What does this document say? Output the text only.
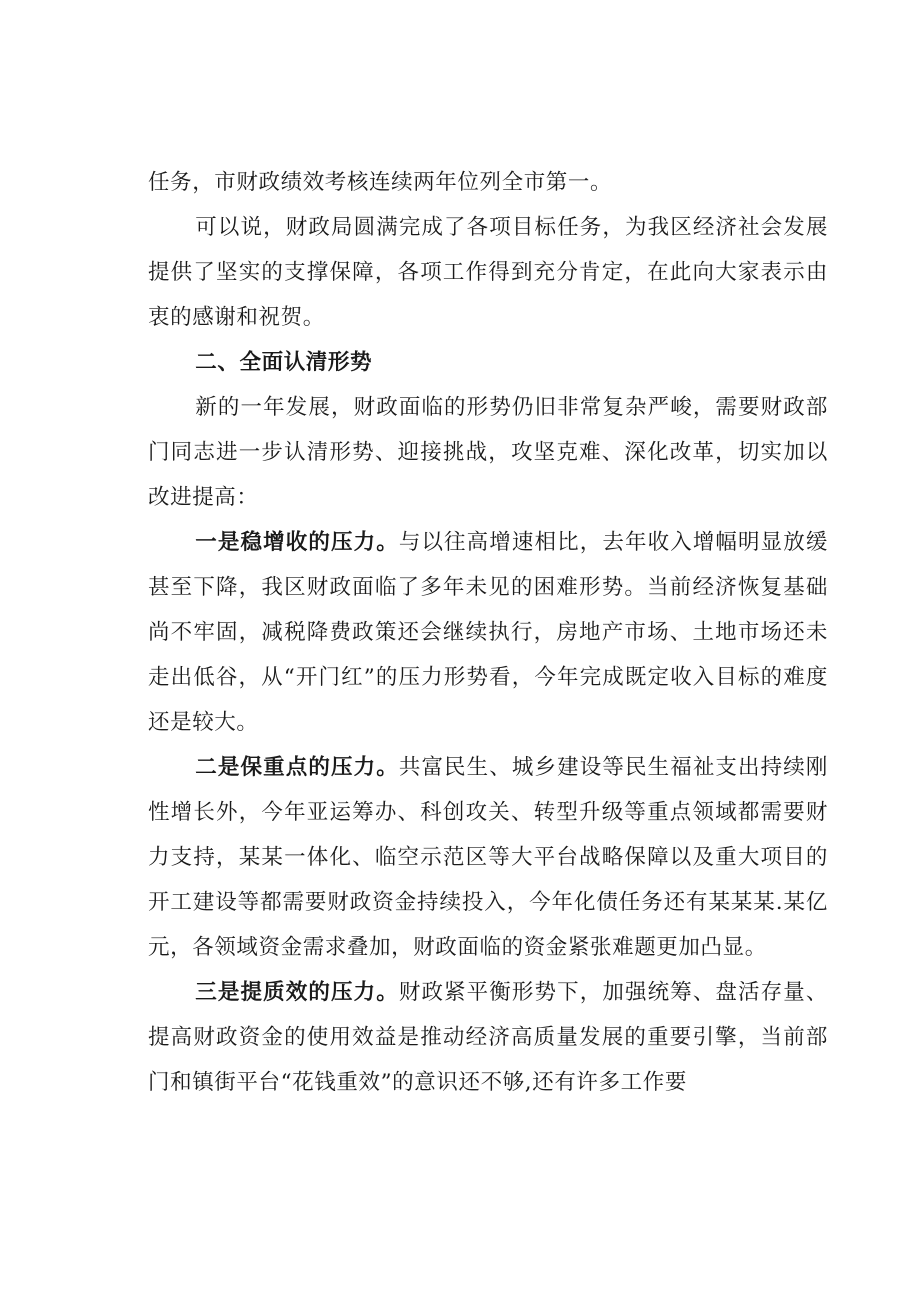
任务，市财政绩效考核连续两年位列全市第一。

可以说，财政局圆满完成了各项目标任务，为我区经济社会发展提供了坚实的支撑保障，各项工作得到充分肯定，在此向大家表示由衷的感谢和祝贺。

二、全面认清形势

新的一年发展，财政面临的形势仍旧非常复杂严峻，需要财政部门同志进一步认清形势、迎接挑战，攻坚克难、深化改革，切实加以改进提高：

一是稳增收的压力。与以往高增速相比，去年收入增幅明显放缓甚至下降，我区财政面临了多年未见的困难形势。当前经济恢复基础尚不牢固，减税降费政策还会继续执行，房地产市场、土地市场还未走出低谷，从“开门红”的压力形势看，今年完成既定收入目标的难度还是较大。

二是保重点的压力。共富民生、城乡建设等民生福祉支出持续刚性增长外，今年亚运筹办、科创攻关、转型升级等重点领域都需要财力支持，某某一体化、临空示范区等大平台战略保障以及重大项目的开工建设等都需要财政资金持续投入，今年化债任务还有某某某.某亿元，各领域资金需求叠加，财政面临的资金紧张难题更加凸显。

三是提质效的压力。财政紧平衡形势下，加强统筹、盘活存量、提高财政资金的使用效益是推动经济高质量发展的重要引擎，当前部门和镇街平台“花钱重效”的意识还不够,还有许多工作要
